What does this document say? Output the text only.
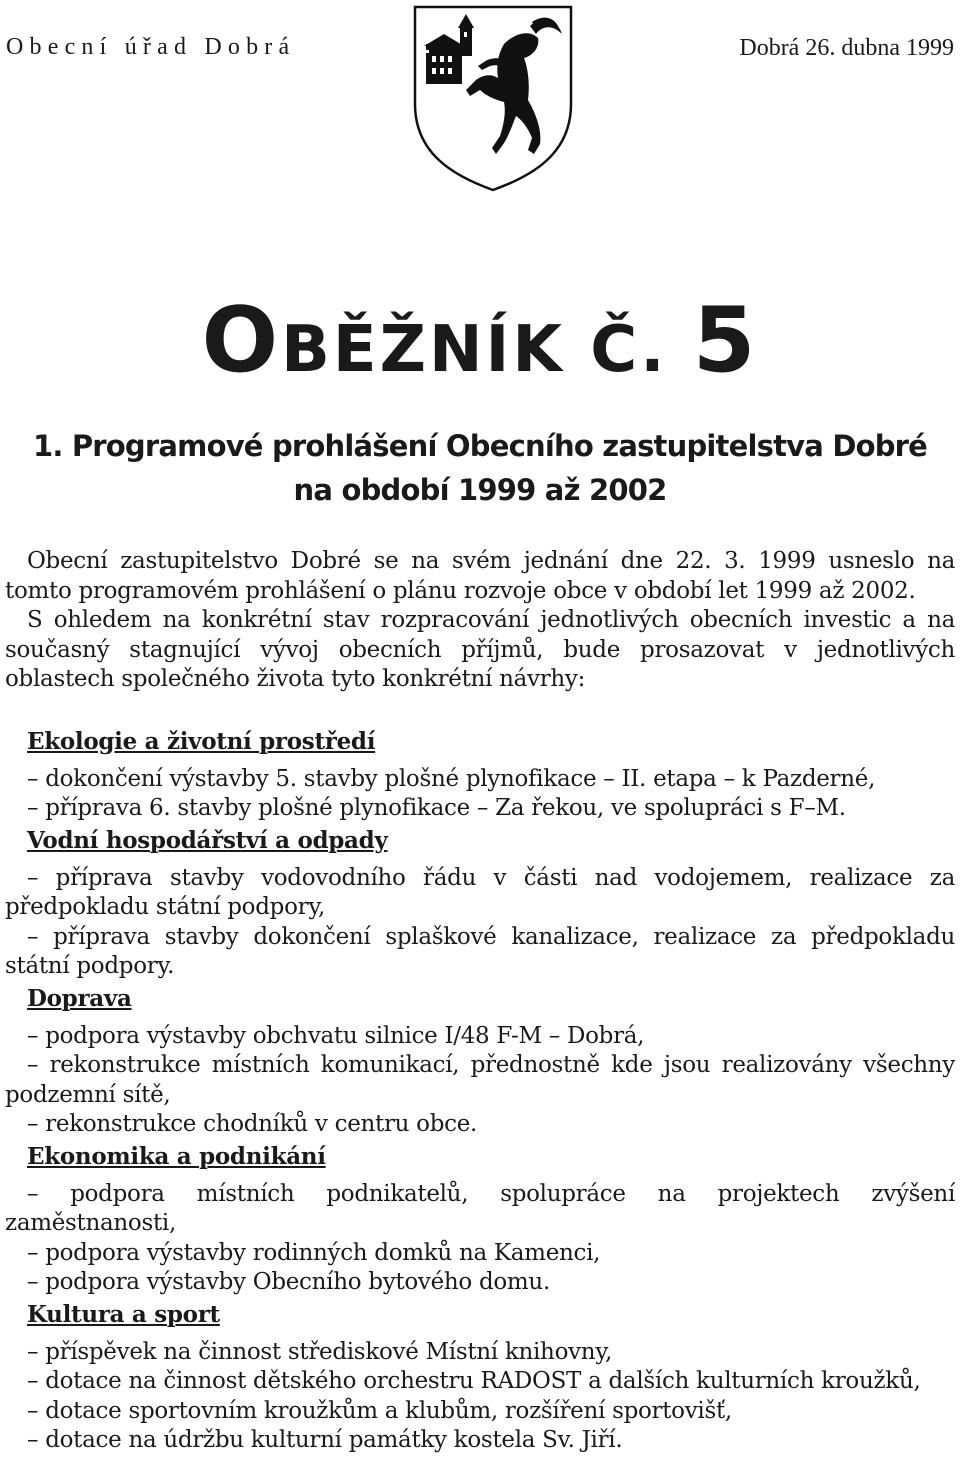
Obecní úřad Dobrá	Dobrá 26. dubna 1999
OBĚŽNÍK Č. 5
1. Programové prohlášení Obecního zastupitelstva Dobré
na období 1999 až 2002

Obecní zastupitelstvo Dobré se na svém jednání dne 22. 3. 1999 usneslo na tomto programovém prohlášení o plánu rozvoje obce v období let 1999 až 2002.

S ohledem na konkrétní stav rozpracování jednotlivých obecních investic a na současný stagnující vývoj obecních příjmů, bude prosazovat v jednotlivých oblastech společného života tyto konkrétní návrhy:

Ekologie a životní prostředí

– dokončení výstavby 5. stavby plošné plynofikace – II. etapa – k Pazderné,

– příprava 6. stavby plošné plynofikace – Za řekou, ve spolupráci s F–M.

Vodní hospodářství a odpady

– příprava stavby vodovodního řádu v části nad vodojemem, realizace za předpokladu státní podpory,

– příprava stavby dokončení splaškové kanalizace, realizace za předpokladu státní podpory.

Doprava

– podpora výstavby obchvatu silnice I/48 F-M – Dobrá,

– rekonstrukce místních komunikací, přednostně kde jsou realizovány všechny podzemní sítě,

– rekonstrukce chodníků v centru obce.

Ekonomika a podnikání

– podpora místních podnikatelů, spolupráce na projektech zvýšení zaměstnanosti,

– podpora výstavby rodinných domků na Kamenci,

– podpora výstavby Obecního bytového domu.

Kultura a sport

– příspěvek na činnost střediskové Místní knihovny,

– dotace na činnost dětského orchestru RADOST a dalších kulturních kroužků,

– dotace sportovním kroužkům a klubům, rozšíření sportovišť,

– dotace na údržbu kulturní památky kostela Sv. Jiří.
